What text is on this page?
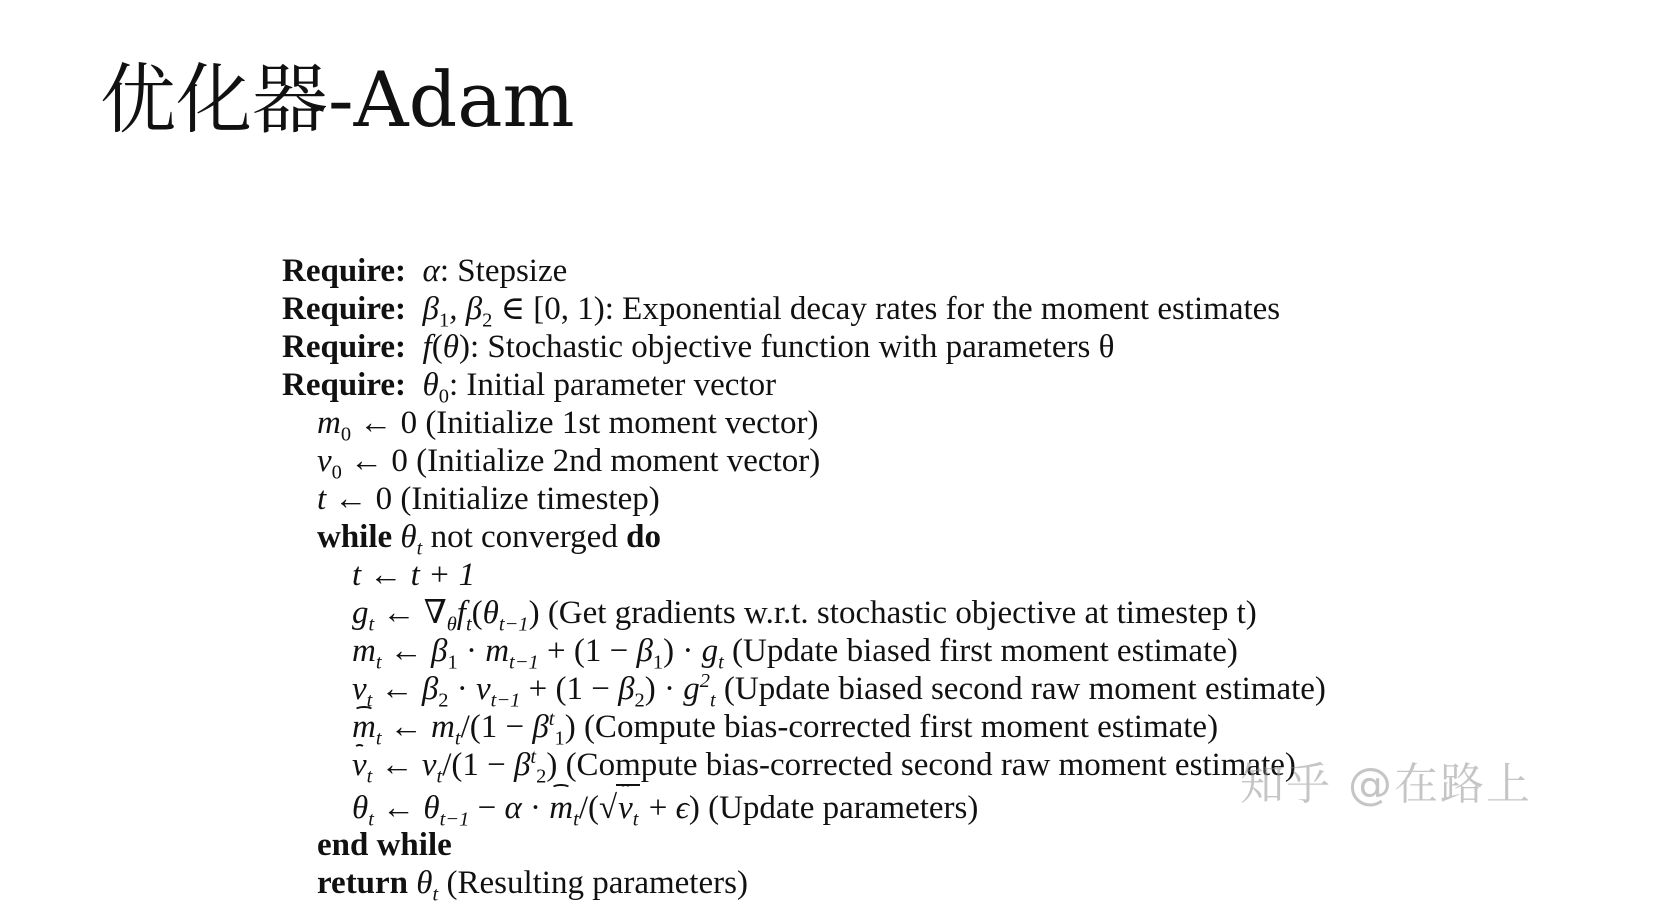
优化器-Adam
Require:  α: Stepsize
Require:  $\beta_1$, $\beta_2$ ∈ [0, 1): Exponential decay rates for the moment estimates
Require:  f(θ): Stochastic objective function with parameters θ
Require:  $\theta_0$: Initial parameter vector
$m_0$ ← 0 (Initialize 1st moment vector)
$v_0$ ← 0 (Initialize 2nd moment vector)
t ← 0 (Initialize timestep)
while $\theta_t$ not converged do
t ← t + 1
$g_t$ ← $\nabla_\theta f_t(\theta_{t-1})$ (Get gradients w.r.t. stochastic objective at timestep t)
$m_t$ ← $\beta_1 \cdot m_{t-1} + (1 - \beta_1) \cdot g_t$ (Update biased first moment estimate)
$v_t$ ← $\beta_2 \cdot v_{t-1} + (1 - \beta_2) \cdot g^2_t$ (Update biased second raw moment estimate)
$m_t$ ← $m_t/(1 - \beta^t_1)$ (Compute bias-corrected first moment estimate)
$v_t$ ← $v_t/(1 - \beta^t_2)$ (Compute bias-corrected second raw moment estimate)
$\theta_t$ ← $\theta_{t-1} - \alpha \cdot m_t/(√v_t + \epsilon)$ (Update parameters)
end while
return $\theta_t$ (Resulting parameters)
知乎 @在路上
